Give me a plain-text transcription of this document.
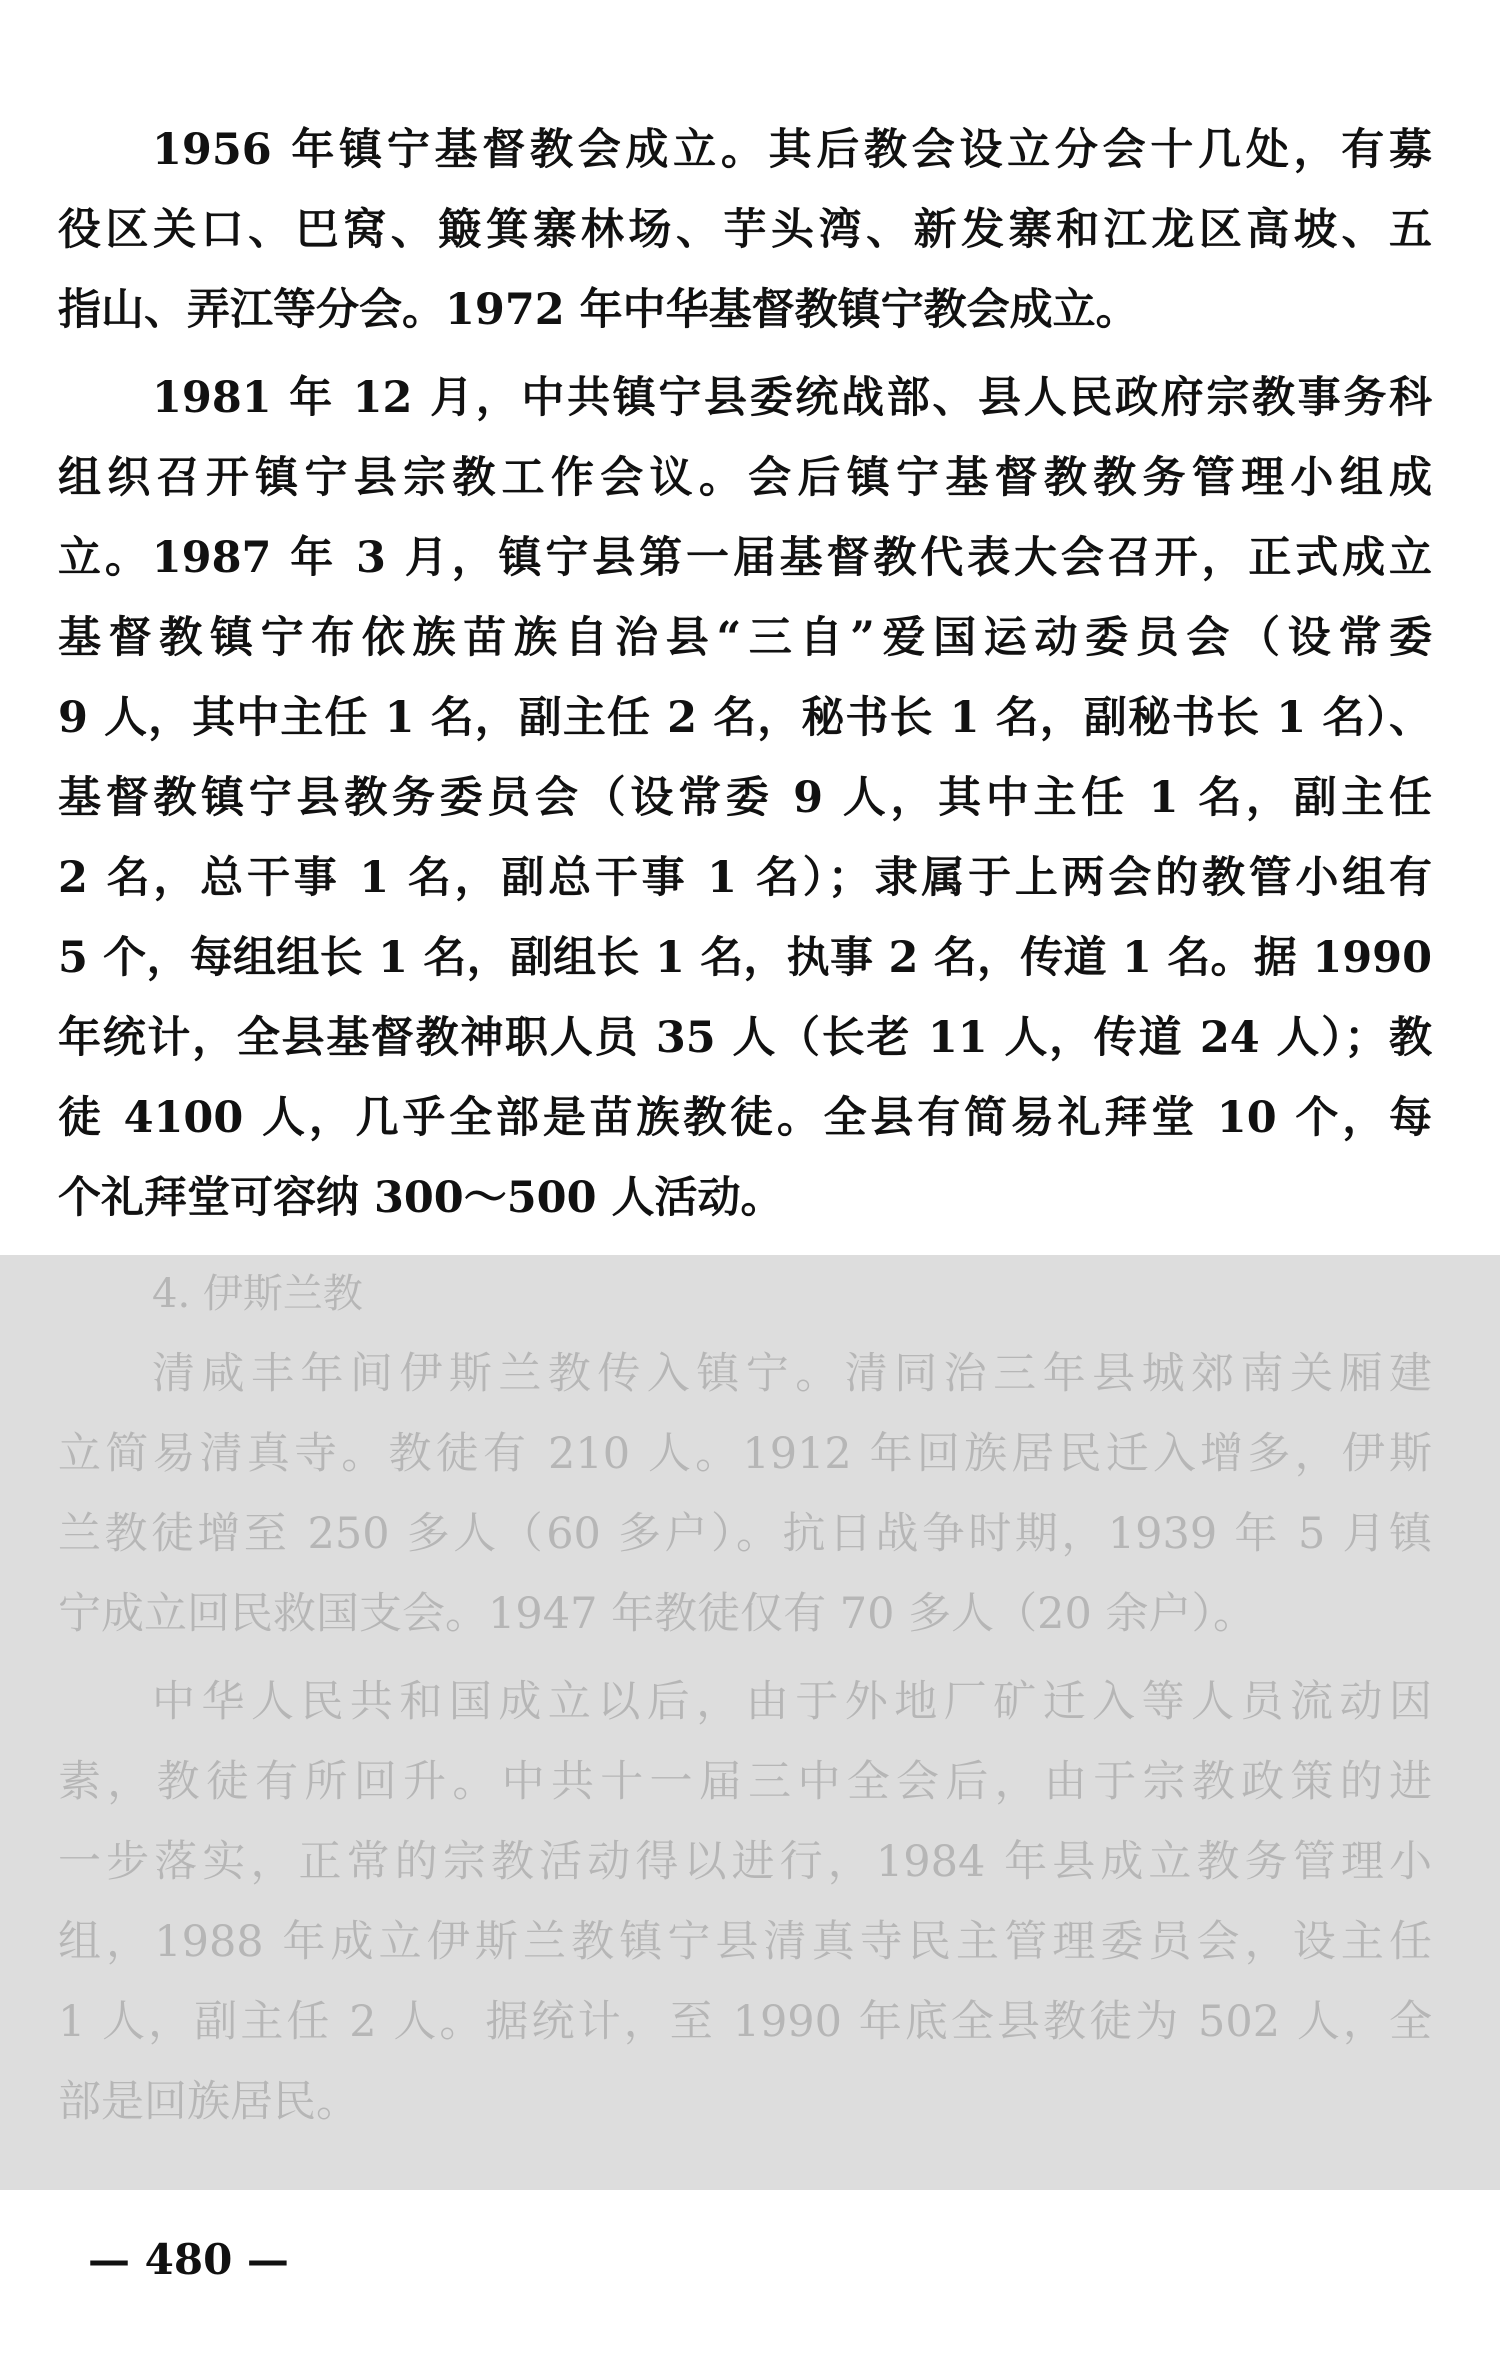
1956 年镇宁基督教会成立。其后教会设立分会十几处，有募
役区关口、巴窝、簸箕寨林场、芋头湾、新发寨和江龙区高坡、五
指山、弄江等分会。1972 年中华基督教镇宁教会成立。
1981 年 12 月，中共镇宁县委统战部、县人民政府宗教事务科
组织召开镇宁县宗教工作会议。会后镇宁基督教教务管理小组成
立。1987 年 3 月，镇宁县第一届基督教代表大会召开，正式成立
基督教镇宁布依族苗族自治县“三自”爱国运动委员会（设常委
9 人，其中主任 1 名，副主任 2 名，秘书长 1 名，副秘书长 1 名）、
基督教镇宁县教务委员会（设常委 9 人，其中主任 1 名，副主任
2 名，总干事 1 名，副总干事 1 名）；隶属于上两会的教管小组有
5 个，每组组长 1 名，副组长 1 名，执事 2 名，传道 1 名。据 1990
年统计，全县基督教神职人员 35 人（长老 11 人，传道 24 人）；教
徒 4100 人，几乎全部是苗族教徒。全县有简易礼拜堂 10 个，每
个礼拜堂可容纳 300～500 人活动。
4. 伊斯兰教
清咸丰年间伊斯兰教传入镇宁。清同治三年县城郊南关厢建
立简易清真寺。教徒有 210 人。1912 年回族居民迁入增多，伊斯
兰教徒增至 250 多人（60 多户）。抗日战争时期，1939 年 5 月镇
宁成立回民救国支会。1947 年教徒仅有 70 多人（20 余户）。
中华人民共和国成立以后，由于外地厂矿迁入等人员流动因
素，教徒有所回升。中共十一届三中全会后，由于宗教政策的进
一步落实，正常的宗教活动得以进行，1984 年县成立教务管理小
组，1988 年成立伊斯兰教镇宁县清真寺民主管理委员会，设主任
1 人，副主任 2 人。据统计，至 1990 年底全县教徒为 502 人，全
部是回族居民。
— 480 —
